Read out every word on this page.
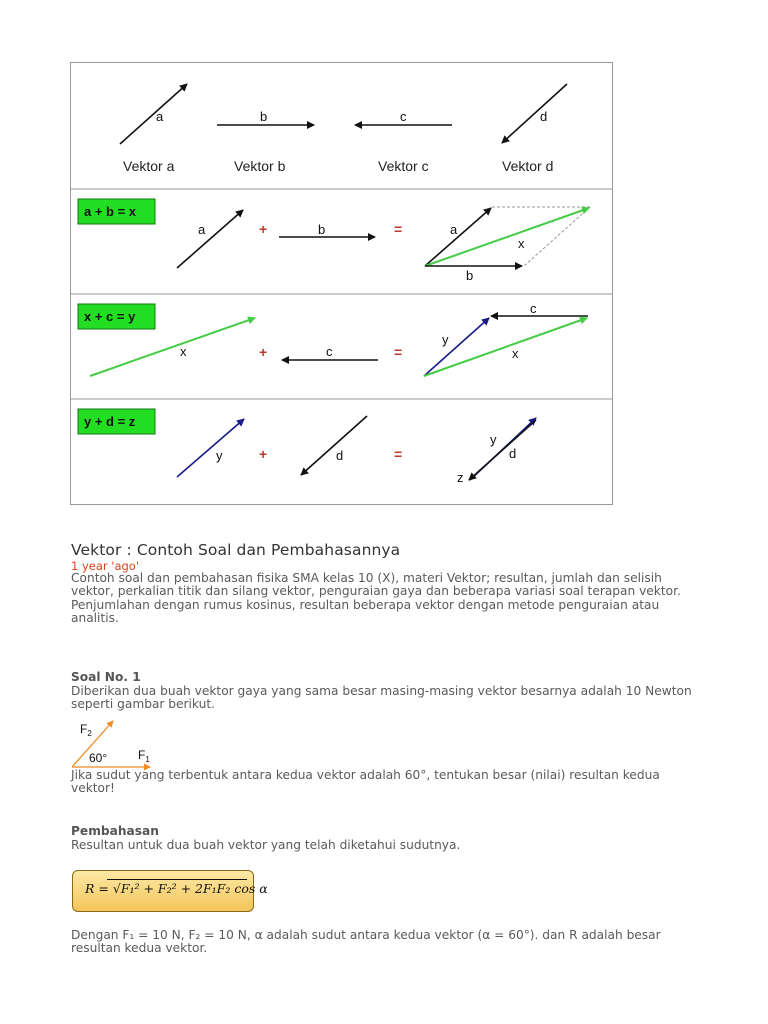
a	b	c	d
Vektor a	Vektor b	Vektor c	Vektor d
a + b = x
a	+	b	=	a
x
b
x + c = y
x	+	c	=
c
y
x
y + d = z
y	+	d	=
y
d
z
Vektor : Contoh Soal dan Pembahasannya
1 year 'ago'
Contoh soal dan pembahasan fisika SMA kelas 10 (X), materi Vektor; resultan, jumlah dan selisih vektor, perkalian titik dan silang vektor, penguraian gaya dan beberapa variasi soal terapan vektor. Penjumlahan dengan rumus kosinus, resultan beberapa vektor dengan metode penguraian atau analitis.
Soal No. 1
Diberikan dua buah vektor gaya yang sama besar masing-masing vektor besarnya adalah 10 Newton seperti gambar berikut.
$F_2$
$F_1$
60°
Jika sudut yang terbentuk antara kedua vektor adalah 60°, tentukan besar (nilai) resultan kedua vektor!
Pembahasan
Resultan untuk dua buah vektor yang telah diketahui sudutnya.
R = √F₁² + F₂² + 2F₁F₂ cos α
Dengan F₁ = 10 N, F₂ = 10 N, α adalah sudut antara kedua vektor (α = 60°). dan R adalah besar resultan kedua vektor.
